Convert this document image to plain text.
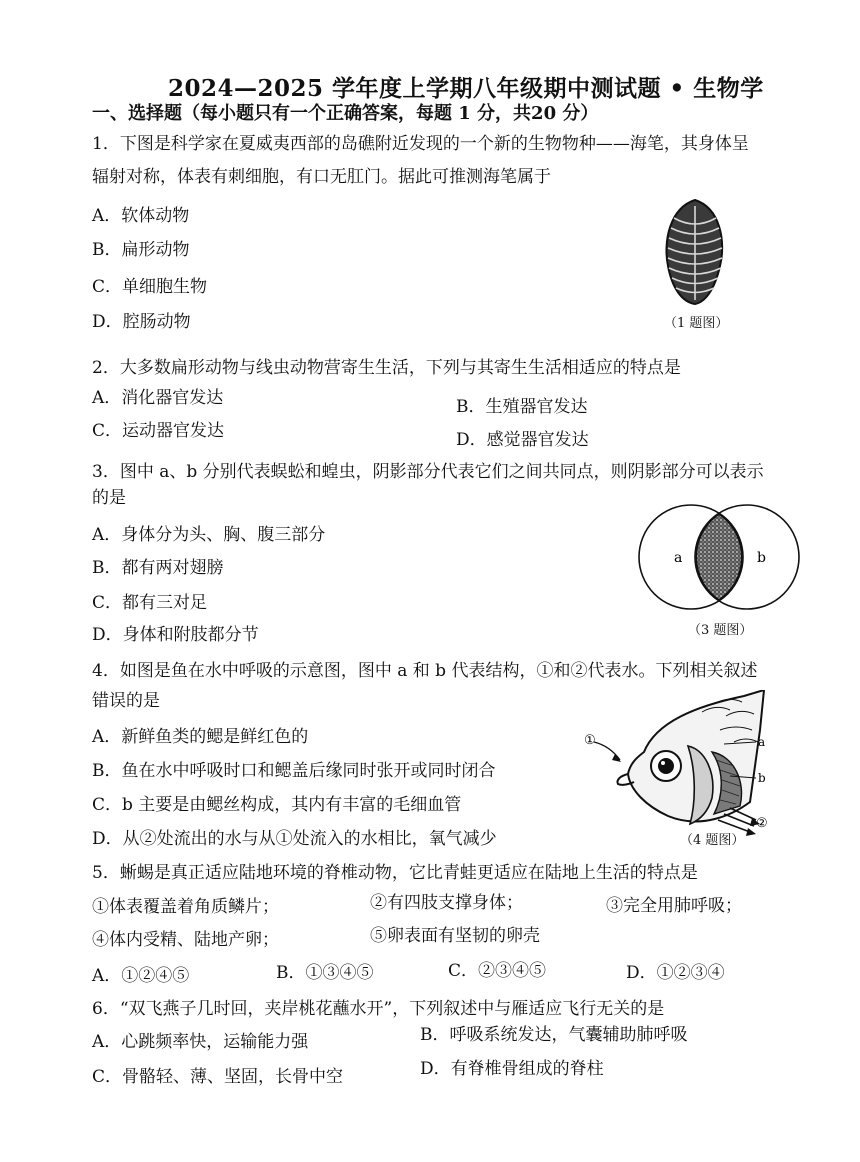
2024—2025 学年度上学期八年级期中测试题 • 生物学
一、选择题（每小题只有一个正确答案，每题 1 分，共20 分）
1．下图是科学家在夏威夷西部的岛礁附近发现的一个新的生物物种——海笔，其身体呈
辐射对称，体表有刺细胞，有口无肛门。据此可推测海笔属于
A．软体动物
B．扁形动物
C．单细胞生物
D．腔肠动物	（1 题图）
2．大多数扁形动物与线虫动物营寄生生活，下列与其寄生生活相适应的特点是
A．消化器官发达	B．生殖器官发达
C．运动器官发达	D．感觉器官发达
3．图中 a、b 分别代表蜈蚣和蝗虫，阴影部分代表它们之间共同点，则阴影部分可以表示
的是
A．身体分为头、胸、腹三部分
B．都有两对翅膀
C．都有三对足
D．身体和附肢都分节
a	b
（3 题图）
4．如图是鱼在水中呼吸的示意图，图中 a 和 b 代表结构，①和②代表水。下列相关叙述
错误的是
A．新鲜鱼类的鳃是鲜红色的
B．鱼在水中呼吸时口和鳃盖后缘同时张开或同时闭合
C．b 主要是由鳃丝构成，其内有丰富的毛细血管
D．从②处流出的水与从①处流入的水相比，氧气减少
①
②
a
b
（4 题图）
5．蜥蜴是真正适应陆地环境的脊椎动物，它比青蛙更适应在陆地上生活的特点是
①体表覆盖着角质鳞片；	②有四肢支撑身体；	③完全用肺呼吸；
④体内受精、陆地产卵；	⑤卵表面有坚韧的卵壳
A．①②④⑤	B．①③④⑤	C．②③④⑤	D．①②③④
6．“双飞燕子几时回，夹岸桃花蘸水开”，下列叙述中与雁适应飞行无关的是
A．心跳频率快，运输能力强	B．呼吸系统发达，气囊辅助肺呼吸
C．骨骼轻、薄、坚固，长骨中空	D．有脊椎骨组成的脊柱
